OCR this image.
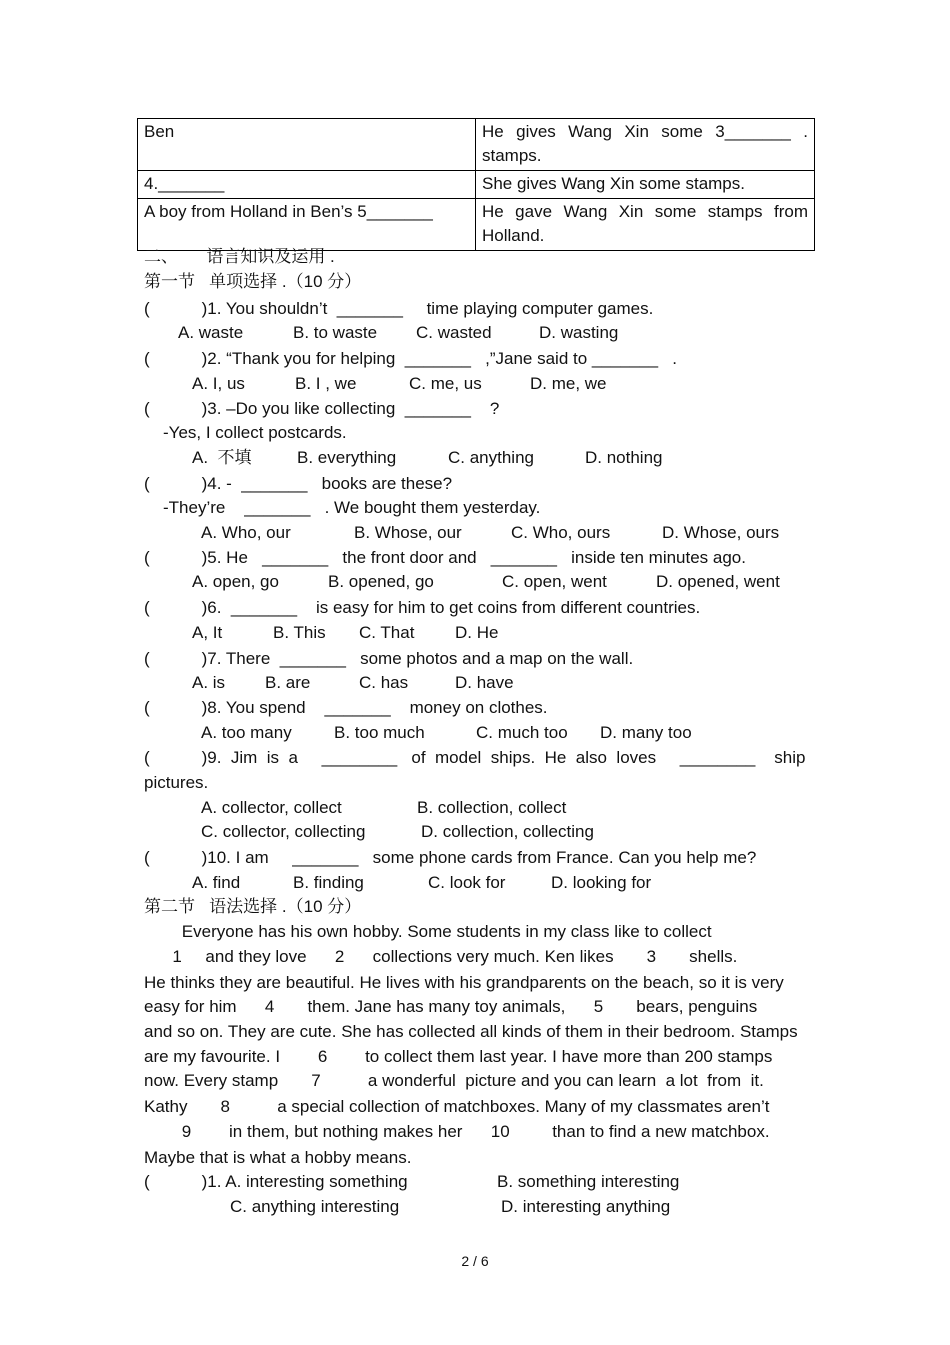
Ben	He gives Wang Xin some 3_______ .
stamps.

4._______	She gives Wang Xin some stamps.

A boy from Holland in Ben’s 5_______	He gave Wang Xin some stamps from
Holland.
二、      语言知识及运用 .
第一节   单项选择 .（10 分）
(           )1. You shouldn’t  _______     time playing computer games.
A. waste	B. to waste C. wasted	D. wasting
(           )2. “Thank you for helping  _______   ,”Jane said to _______   .
A. I, us	B. I , we	C. me, us	D. me, we
(           )3. –Do you like collecting  _______    ?
-Yes, I collect postcards.
A.  不填	B. everything	C. anything	D. nothing
(           )4. -  _______   books are these?
-They’re    _______   . We bought them yesterday.
A. Who, our	B. Whose, our	C. Who, ours	D. Whose, ours
(           )5. He   _______   the front door and   _______   inside ten minutes ago.
A. open, go	B. opened, go	C. open, went	D. opened, went
(           )6.  _______    is easy for him to get coins from different countries.
A, It	B. This C. That D. He
(           )7. There  _______   some photos and a map on the wall.
A. is B. are	C. has	D. have
(           )8. You spend    _______    money on clothes.
A. too many B. too much	C. much too D. many too
(           )9.  Jim  is  a     ________   of  model  ships.  He  also  loves     ________    ship
pictures.
A. collector, collect	B. collection, collect
C. collector, collecting	D. collection, collecting
(           )10. I am     _______   some phone cards from France. Can you help me?
A. find	B. finding	C. look for	D. looking for
第二节   语法选择 .（10 分）
Everyone has his own hobby. Some students in my class like to collect
1     and they love      2      collections very much. Ken likes       3       shells.
He thinks they are beautiful. He lives with his grandparents on the beach, so it is very
easy for him      4       them. Jane has many toy animals,      5       bears, penguins
and so on. They are cute. She has collected all kinds of them in their bedroom. Stamps
are my favourite. I        6        to collect them last year. I have more than 200 stamps
now. Every stamp       7          a wonderful  picture and you can learn  a lot  from  it.
Kathy       8          a special collection of matchboxes. Many of my classmates aren’t
9        in them, but nothing makes her      10         than to find a new matchbox.
Maybe that is what a hobby means.
(           )1. A. interesting something	B. something interesting
C. anything interesting	D. interesting anything
2 / 6
